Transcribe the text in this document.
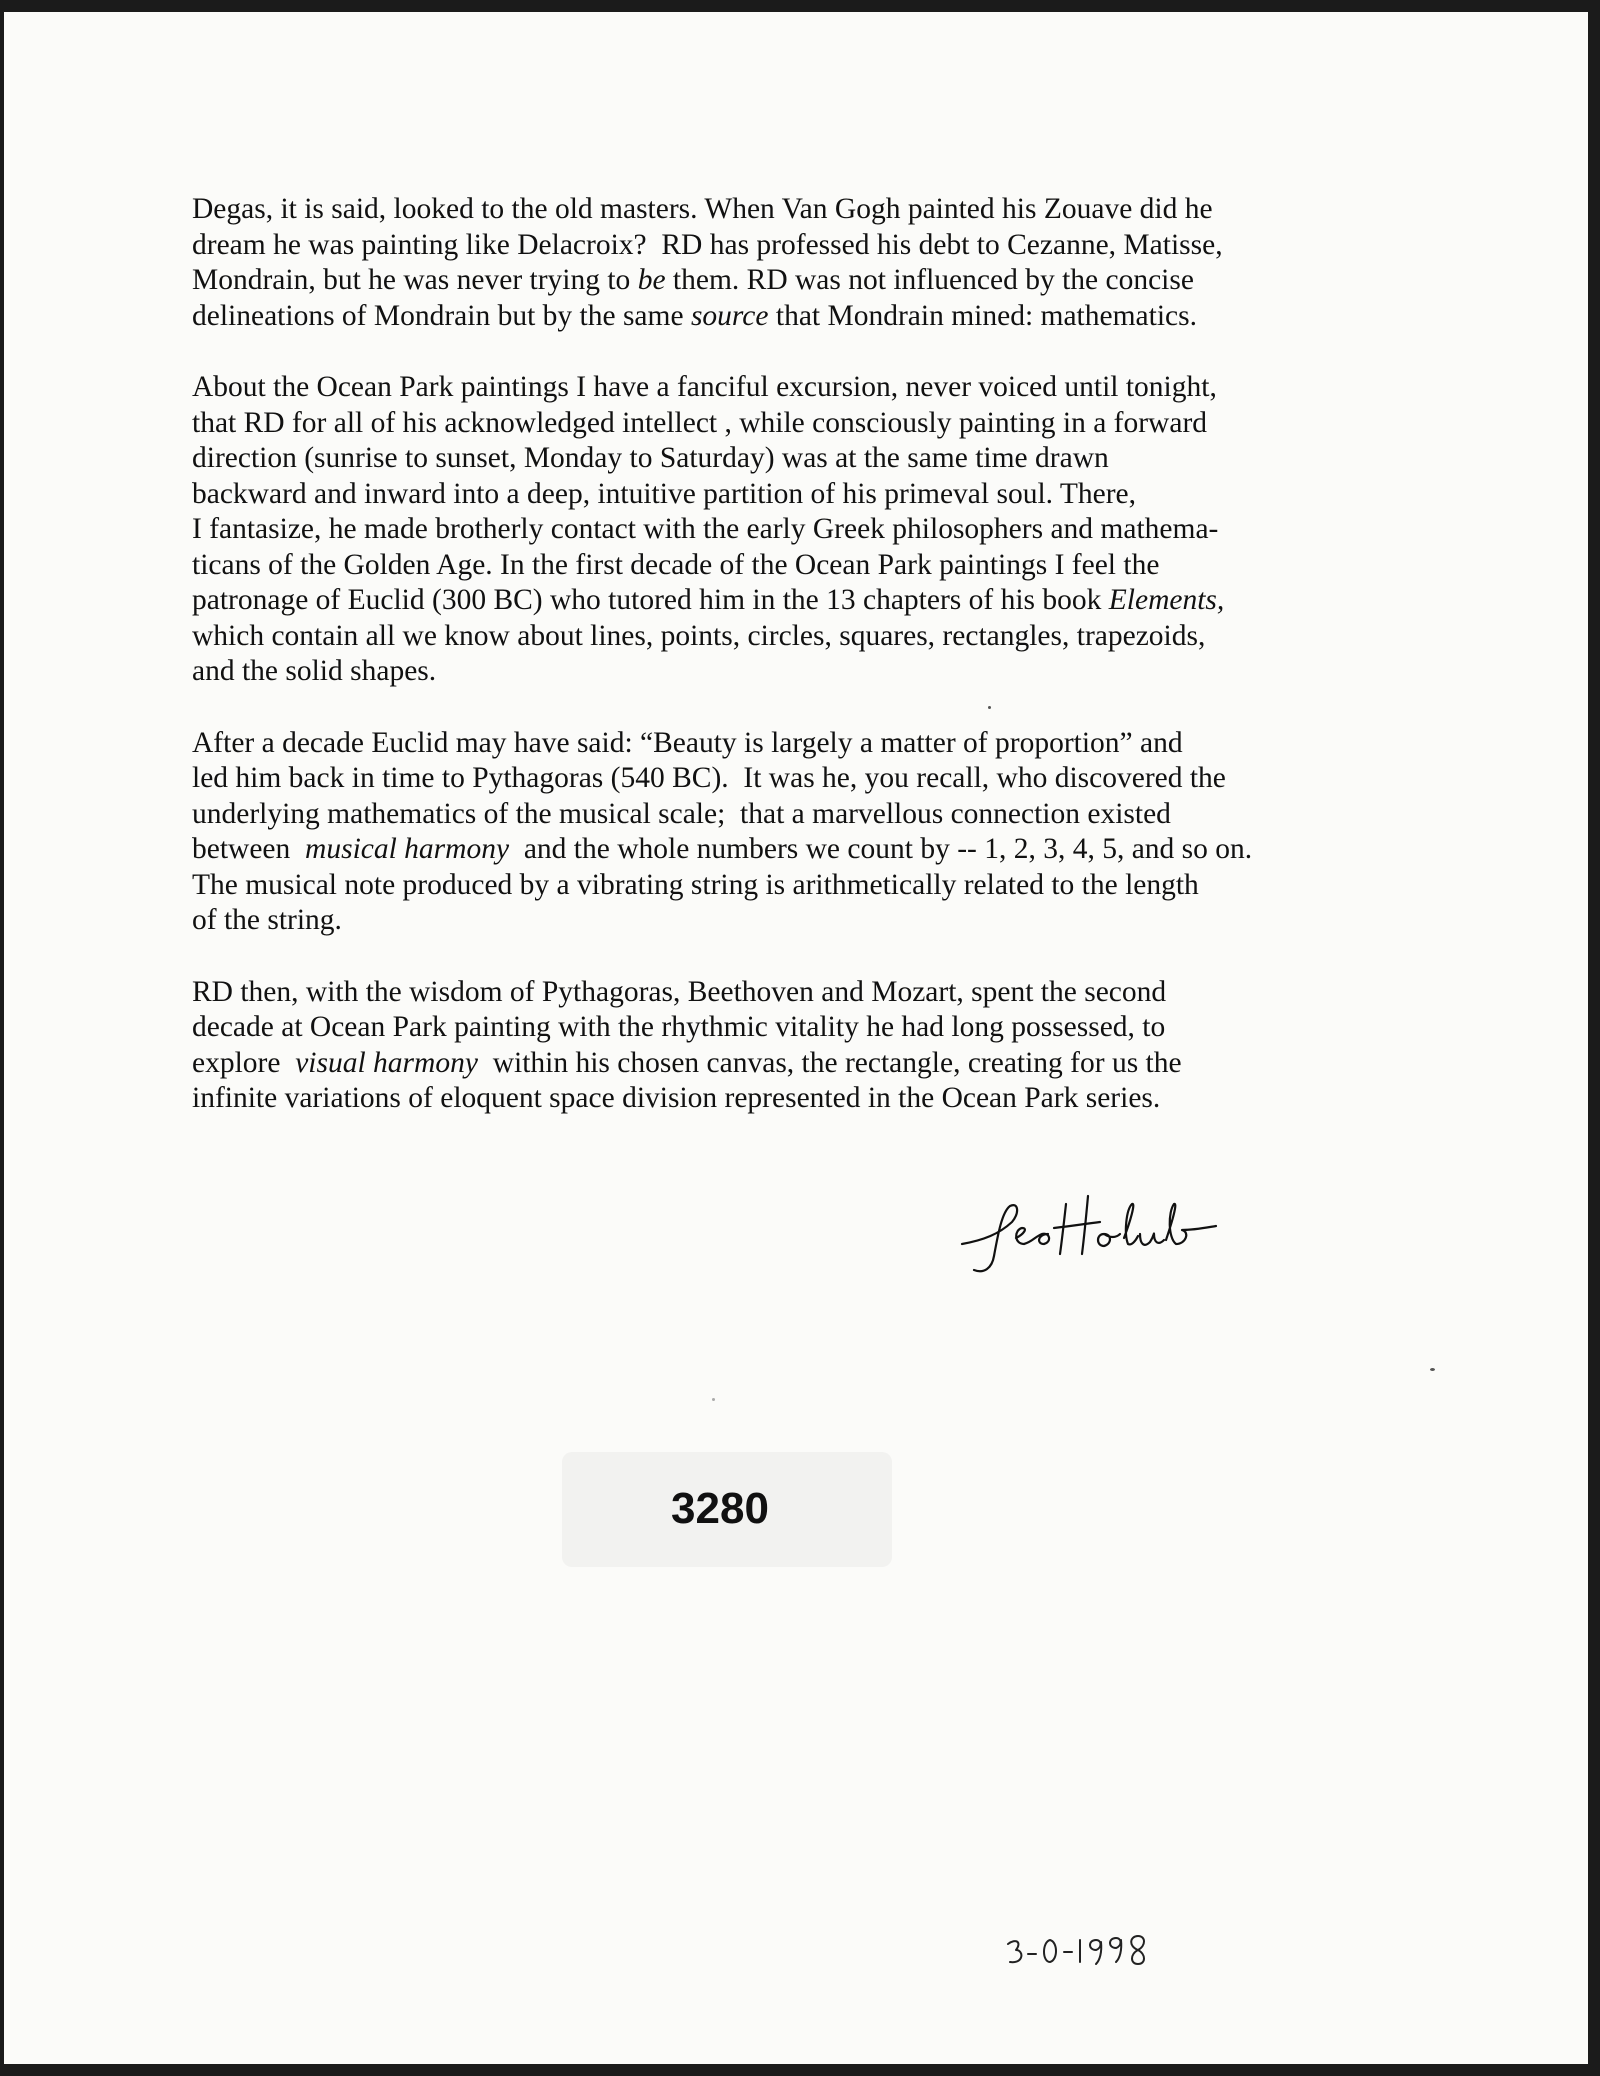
Degas, it is said, looked to the old masters. When Van Gogh painted his Zouave did he
dream he was painting like Delacroix?  RD has professed his debt to Cezanne, Matisse,
Mondrain, but he was never trying to be them. RD was not influenced by the concise
delineations of Mondrain but by the same source that Mondrain mined: mathematics.

About the Ocean Park paintings I have a fanciful excursion, never voiced until tonight,
that RD for all of his acknowledged intellect , while consciously painting in a forward
direction (sunrise to sunset, Monday to Saturday) was at the same time drawn
backward and inward into a deep, intuitive partition of his primeval soul. There,
I fantasize, he made brotherly contact with the early Greek philosophers and mathema-
ticans of the Golden Age. In the first decade of the Ocean Park paintings I feel the
patronage of Euclid (300 BC) who tutored him in the 13 chapters of his book Elements,
which contain all we know about lines, points, circles, squares, rectangles, trapezoids,
and the solid shapes.

After a decade Euclid may have said: “Beauty is largely a matter of proportion” and
led him back in time to Pythagoras (540 BC).  It was he, you recall, who discovered the
underlying mathematics of the musical scale;  that a marvellous connection existed
between  musical harmony  and the whole numbers we count by -- 1, 2, 3, 4, 5, and so on.
The musical note produced by a vibrating string is arithmetically related to the length
of the string.

RD then, with the wisdom of Pythagoras, Beethoven and Mozart, spent the second
decade at Ocean Park painting with the rhythmic vitality he had long possessed, to
explore  visual harmony  within his chosen canvas, the rectangle, creating for us the
infinite variations of eloquent space division represented in the Ocean Park series.

3280
